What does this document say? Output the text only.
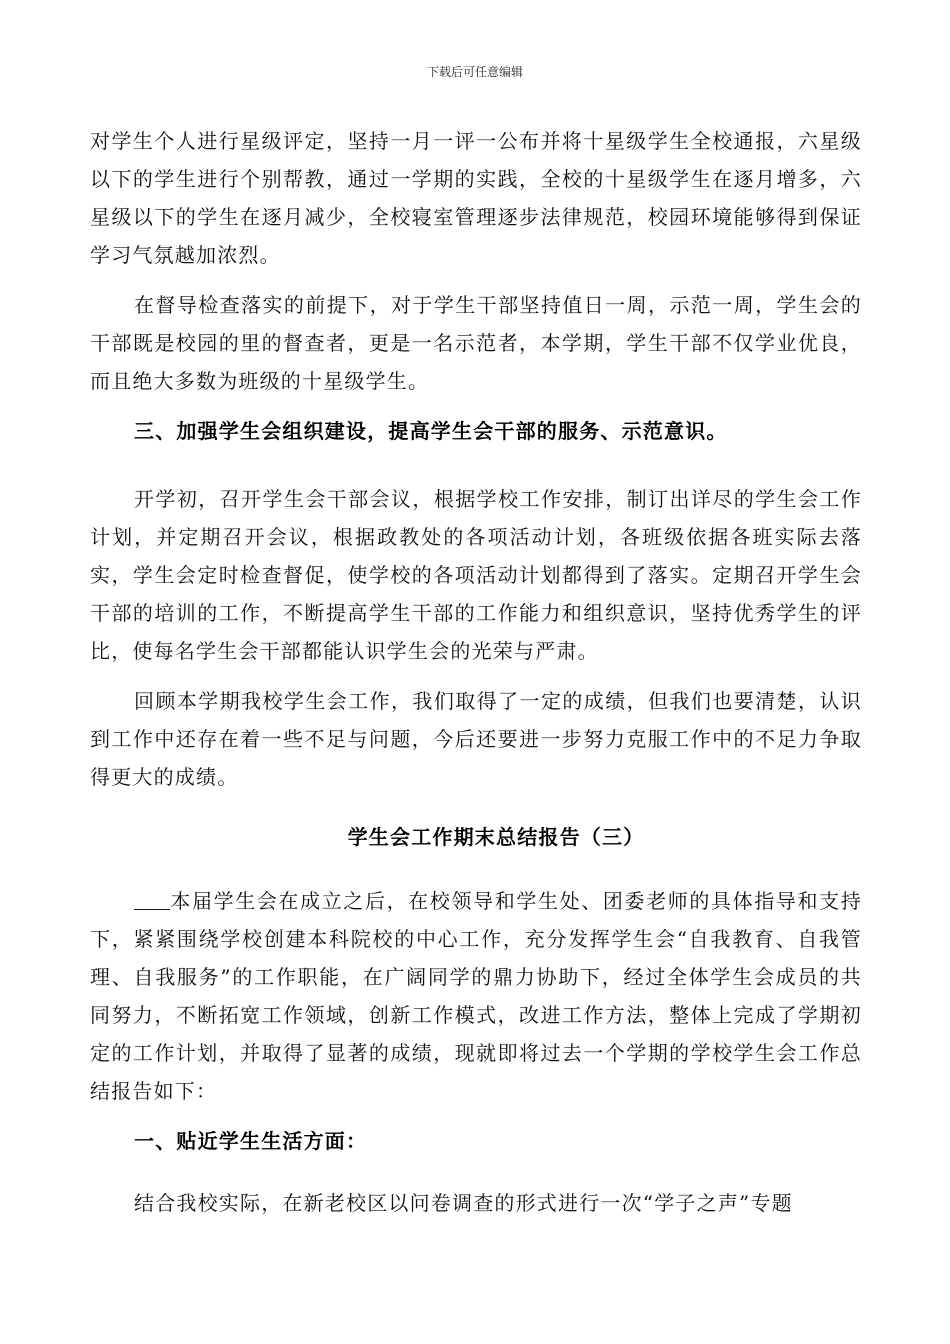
下载后可任意编辑

对学生个人进行星级评定，坚持一月一评一公布并将十星级学生全校通报，六星级以下的学生进行个别帮教，通过一学期的实践，全校的十星级学生在逐月增多，六星级以下的学生在逐月减少，全校寝室管理逐步法律规范，校园环境能够得到保证学习气氛越加浓烈。

在督导检查落实的前提下，对于学生干部坚持值日一周，示范一周，学生会的干部既是校园的里的督查者，更是一名示范者，本学期，学生干部不仅学业优良，而且绝大多数为班级的十星级学生。

三、加强学生会组织建设，提高学生会干部的服务、示范意识。

开学初，召开学生会干部会议，根据学校工作安排，制订出详尽的学生会工作计划，并定期召开会议，根据政教处的各项活动计划，各班级依据各班实际去落实，学生会定时检查督促，使学校的各项活动计划都得到了落实。定期召开学生会干部的培训的工作，不断提高学生干部的工作能力和组织意识，坚持优秀学生的评比，使每名学生会干部都能认识学生会的光荣与严肃。

回顾本学期我校学生会工作，我们取得了一定的成绩，但我们也要清楚，认识到工作中还存在着一些不足与问题，今后还要进一步努力克服工作中的不足力争取得更大的成绩。

学生会工作期末总结报告（三）

本届学生会在成立之后，在校领导和学生处、团委老师的具体指导和支持下，紧紧围绕学校创建本科院校的中心工作，充分发挥学生会“自我教育、自我管理、自我服务”的工作职能，在广阔同学的鼎力协助下，经过全体学生会成员的共同努力，不断拓宽工作领域，创新工作模式，改进工作方法，整体上完成了学期初定的工作计划，并取得了显著的成绩，现就即将过去一个学期的学校学生会工作总结报告如下：

一、贴近学生生活方面：

结合我校实际，在新老校区以问卷调查的形式进行一次“学子之声”专题
